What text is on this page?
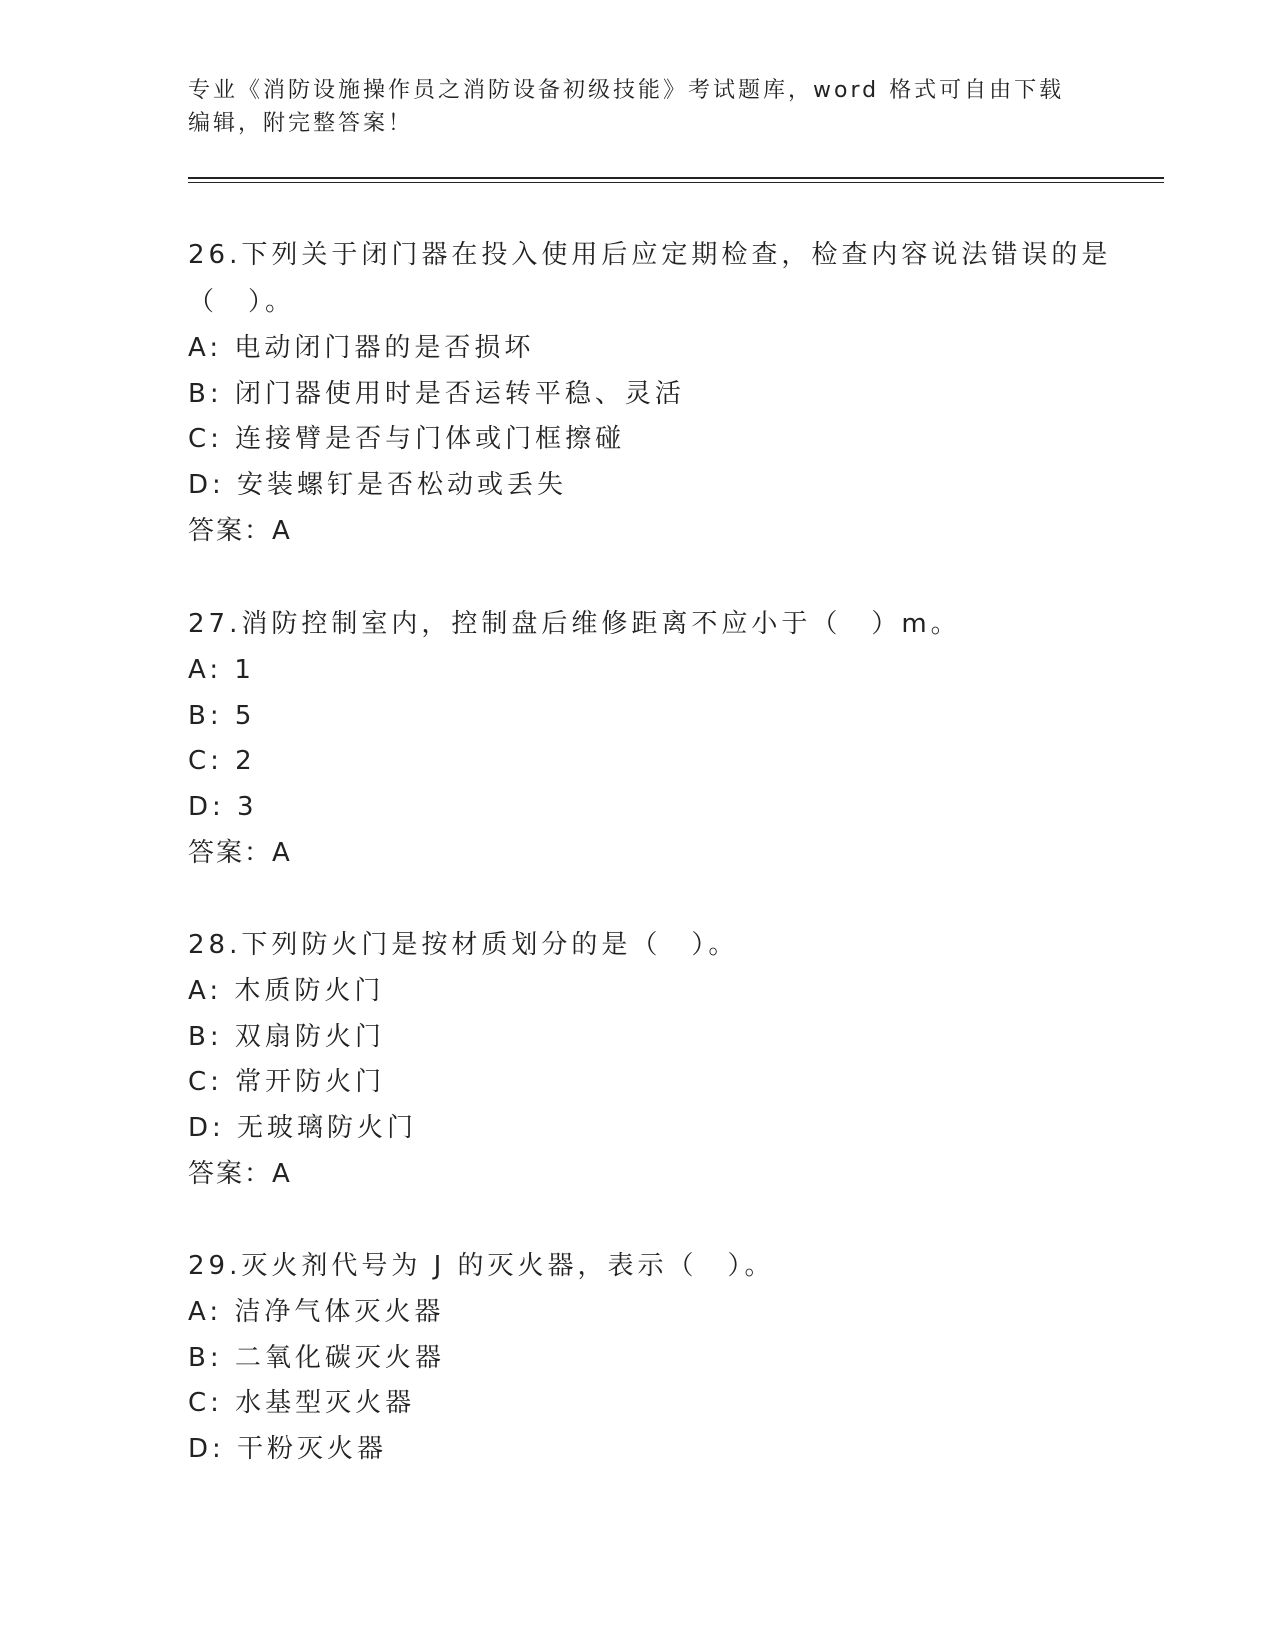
专业《消防设施操作员之消防设备初级技能》考试题库，word 格式可自由下载编辑，附完整答案！

26.下列关于闭门器在投入使用后应定期检查，检查内容说法错误的是（　）。

A: 电动闭门器的是否损坏

B: 闭门器使用时是否运转平稳、灵活

C: 连接臂是否与门体或门框擦碰

D: 安装螺钉是否松动或丢失

答案：A

27.消防控制室内，控制盘后维修距离不应小于（　）m。

A: 1

B: 5

C: 2

D: 3

答案：A

28.下列防火门是按材质划分的是（　）。

A: 木质防火门

B: 双扇防火门

C: 常开防火门

D: 无玻璃防火门

答案：A

29.灭火剂代号为 J 的灭火器，表示（　）。

A: 洁净气体灭火器

B: 二氧化碳灭火器

C: 水基型灭火器

D: 干粉灭火器
